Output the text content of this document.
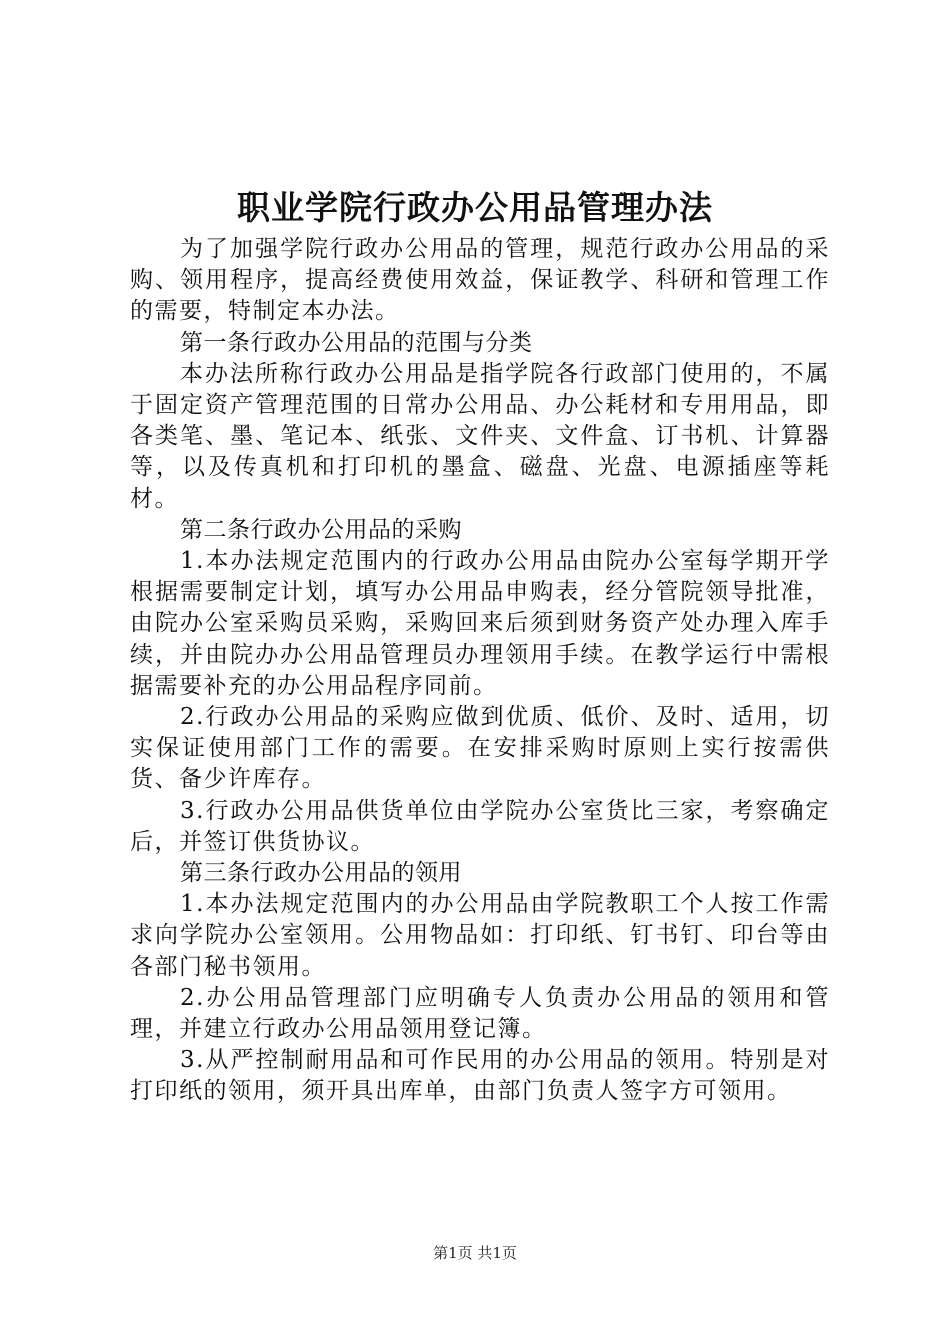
职业学院行政办公用品管理办法

为了加强学院行政办公用品的管理，规范行政办公用品的采购、领用程序，提高经费使用效益，保证教学、科研和管理工作的需要，特制定本办法。

第一条行政办公用品的范围与分类

本办法所称行政办公用品是指学院各行政部门使用的，不属于固定资产管理范围的日常办公用品、办公耗材和专用用品，即各类笔、墨、笔记本、纸张、文件夹、文件盒、订书机、计算器等，以及传真机和打印机的墨盒、磁盘、光盘、电源插座等耗材。

第二条行政办公用品的采购

1.本办法规定范围内的行政办公用品由院办公室每学期开学根据需要制定计划，填写办公用品申购表，经分管院领导批准，由院办公室采购员采购，采购回来后须到财务资产处办理入库手续，并由院办办公用品管理员办理领用手续。在教学运行中需根据需要补充的办公用品程序同前。

2.行政办公用品的采购应做到优质、低价、及时、适用，切实保证使用部门工作的需要。在安排采购时原则上实行按需供货、备少许库存。

3.行政办公用品供货单位由学院办公室货比三家，考察确定后，并签订供货协议。

第三条行政办公用品的领用

1.本办法规定范围内的办公用品由学院教职工个人按工作需求向学院办公室领用。公用物品如：打印纸、钉书钉、印台等由各部门秘书领用。

2.办公用品管理部门应明确专人负责办公用品的领用和管理，并建立行政办公用品领用登记簿。

3.从严控制耐用品和可作民用的办公用品的领用。特别是对打印纸的领用，须开具出库单，由部门负责人签字方可领用。

第1页 共1页
